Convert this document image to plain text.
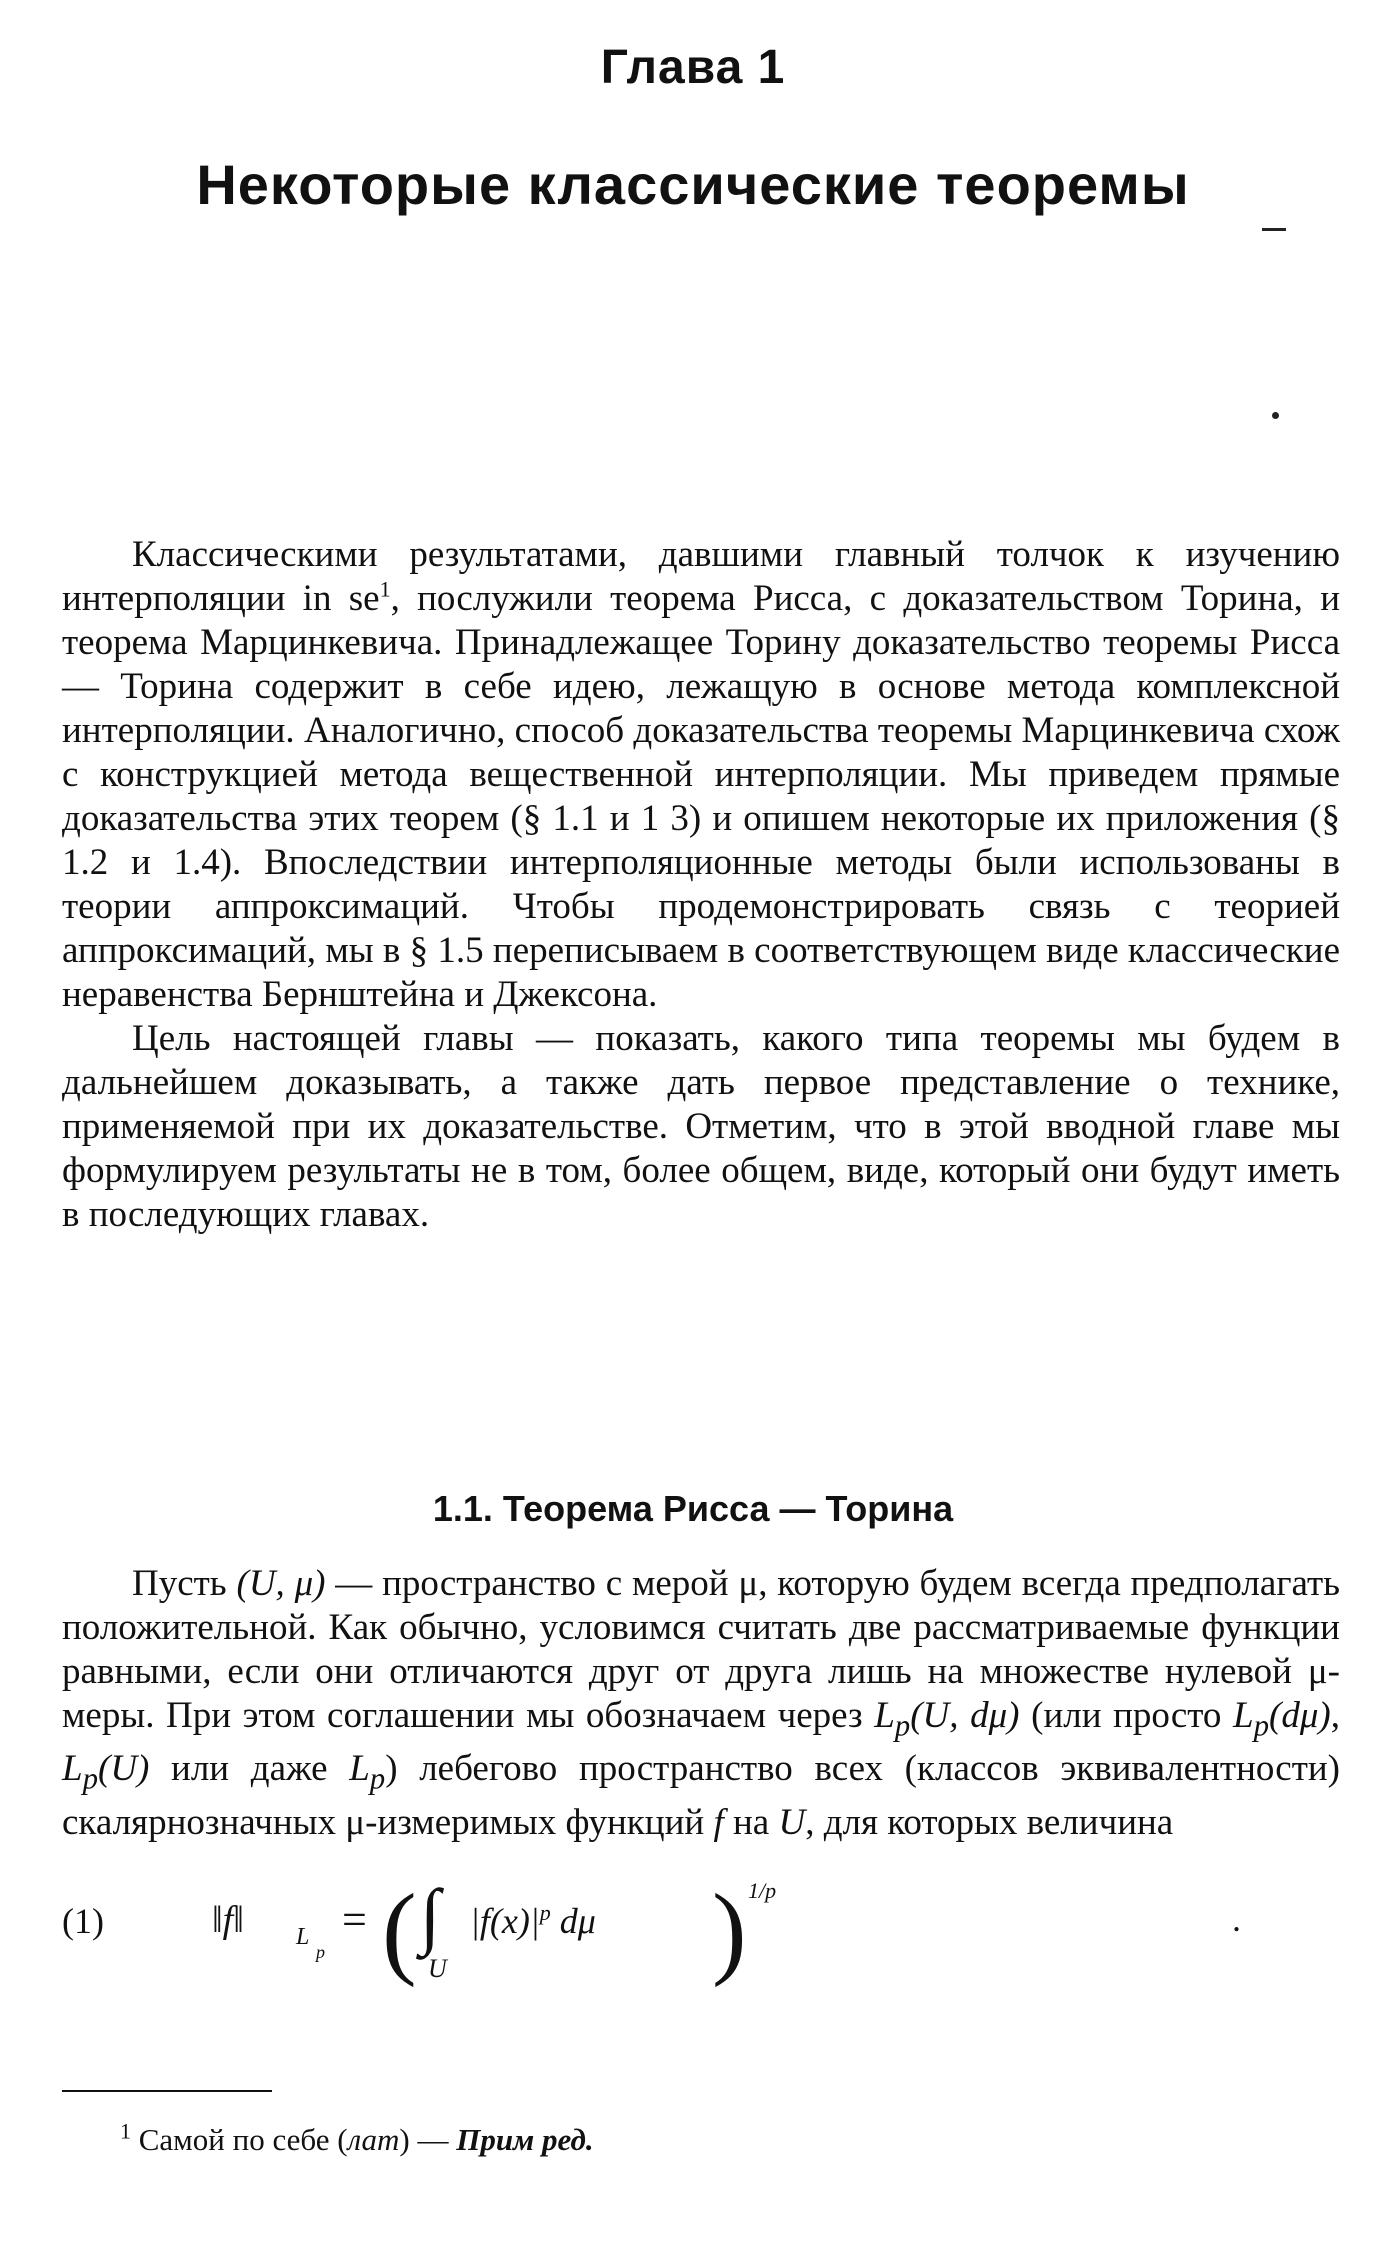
Глава 1
Некоторые классические теоремы

Классическими результатами, давшими главный толчок к изучению интерполяции in $se^1$, послужили теорема Рисса, с доказательством Торина, и теорема Марцинкевича. Принадлежащее Торину доказательство теоремы Рисса — Торина содержит в себе идею, лежащую в основе метода комплексной интерполяции. Аналогично, способ доказательства теоремы Марцинкевича схож с конструкцией метода вещественной интерполяции. Мы приведем прямые доказательства этих теорем (§ 1.1 и 1 3) и опишем некоторые их приложения (§ 1.2 и 1.4). Впоследствии интерполяционные методы были использованы в теории аппроксимаций. Чтобы продемонстрировать связь с теорией аппроксимаций, мы в § 1.5 переписываем в соответствующем виде классические неравенства Бернштейна и Джексона.

Цель настоящей главы — показать, какого типа теоремы мы будем в дальнейшем доказывать, а также дать первое представление о технике, применяемой при их доказательстве. Отметим, что в этой вводной главе мы формулируем результаты не в том, более общем, виде, который они будут иметь в последующих главах.

1.1. Теорема Рисса — Торина

Пусть (U, μ) — пространство с мерой μ, которую будем всегда предполагать положительной. Как обычно, условимся считать две рассматриваемые функции равными, если они отличаются друг от друга лишь на множестве нулевой μ-меры. При этом соглашении мы обозначаем через $L_p(U$, dμ) (или просто $L_p(d\mu)$, $L_p(U)$ или даже $L_p$) лебегово пространство всех (классов эквивалентности) скалярнозначных μ-измеримых функций f на U, для которых величина

(1)	‖f‖ L
p
= ( ∫
U
$|f(x)|^p$ dμ ) 1/p
.
$^1$ Самой по себе (лат) — Прим ред.
